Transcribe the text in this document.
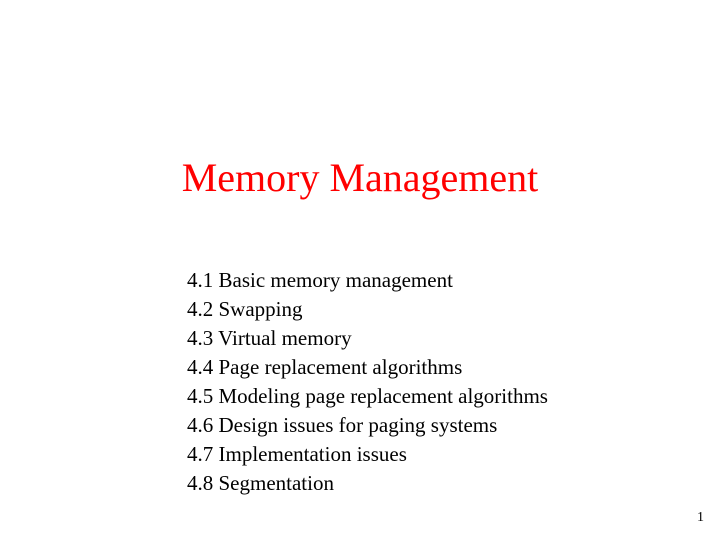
Memory Management
4.1 Basic memory management
4.2 Swapping
4.3 Virtual memory
4.4 Page replacement algorithms
4.5 Modeling page replacement algorithms
4.6 Design issues for paging systems
4.7 Implementation issues
4.8 Segmentation
1
